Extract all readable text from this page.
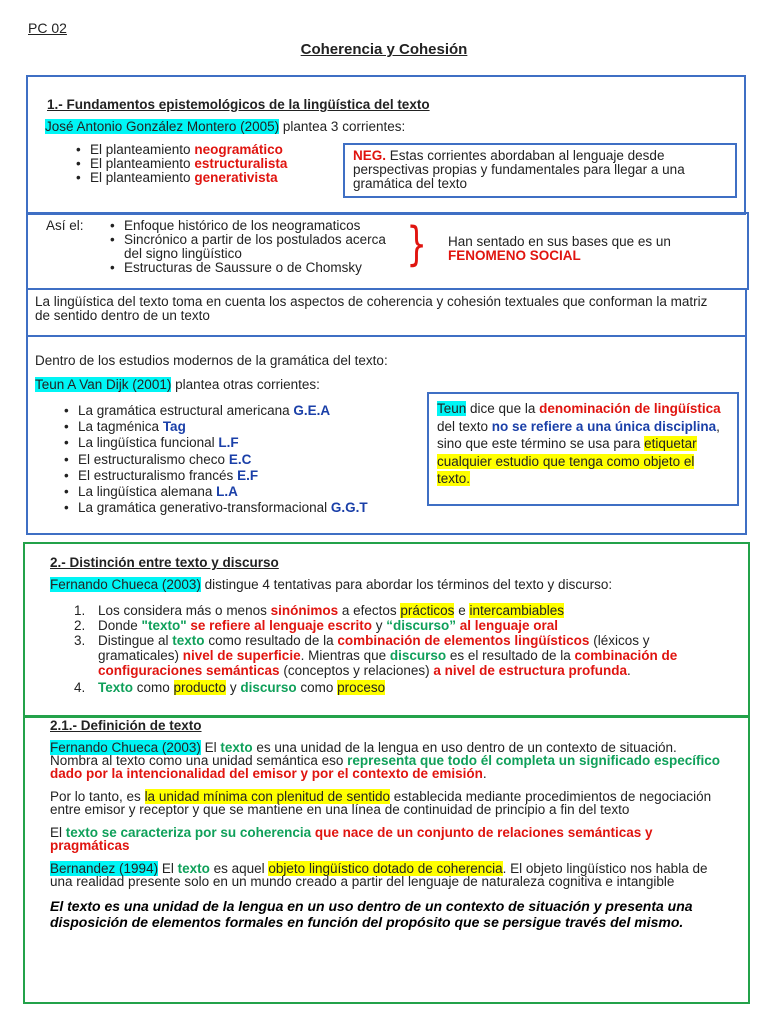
PC 02
Coherencia y Cohesión
1.- Fundamentos epistemológicos de la lingüística del texto
José Antonio González Montero (2005) plantea 3 corrientes:
• El planteamiento neogramático
• El planteamiento estructuralista
• El planteamiento generativista
NEG. Estas corrientes abordaban al lenguaje desde perspectivas propias y fundamentales para llegar a una gramática del texto
Así el:
•	Enfoque histórico de los neogramaticos
• Sincrónico a partir de los postulados acerca del signo lingüístico
• Estructuras de Saussure o de Chomsky } Han sentado en sus bases que es un
FENOMENO SOCIAL
La lingüística del texto toma en cuenta los aspectos de coherencia y cohesión textuales que conforman la matriz de sentido dentro de un texto
Dentro de los estudios modernos de la gramática del texto:
Teun A Van Dijk (2001) plantea otras corrientes:
• La gramática estructural americana G.E.A
• La tagménica Tag
• La lingüística funcional L.F
• El estructuralismo checo E.C
• El estructuralismo francés E.F
• La lingüística alemana L.A
• La gramática generativo-transformacional G.G.T
Teun dice que la denominación de lingüística del texto no se refiere a una única disciplina, sino que este término se usa para etiquetar cualquier estudio que tenga como objeto el texto.
2.- Distinción entre texto y discurso
Fernando Chueca (2003) distingue 4 tentativas para abordar los términos del texto y discurso:
1. Los considera más o menos sinónimos a efectos prácticos e intercambiables
2. Donde "texto" se refiere al lenguaje escrito y “discurso” al lenguaje oral
3. Distingue al texto como resultado de la combinación de elementos lingüísticos (léxicos y gramaticales) nivel de superficie. Mientras que discurso es el resultado de la combinación de configuraciones semánticas (conceptos y relaciones) a nivel de estructura profunda.
4. Texto como producto y discurso como proceso
2.1.- Definición de texto

Fernando Chueca (2003) El texto es una unidad de la lengua en uso dentro de un contexto de situación. Nombra al texto como una unidad semántica eso representa que todo él completa un significado específico dado por la intencionalidad del emisor y por el contexto de emisión.

Por lo tanto, es la unidad mínima con plenitud de sentido establecida mediante procedimientos de negociación entre emisor y receptor y que se mantiene en una línea de continuidad de principio a fin del texto

El texto se caracteriza por su coherencia que nace de un conjunto de relaciones semánticas y pragmáticas

Bernandez (1994) El texto es aquel objeto lingüístico dotado de coherencia. El objeto lingüístico nos habla de una realidad presente solo en un mundo creado a partir del lenguaje de naturaleza cognitiva e intangible

El texto es una unidad de la lengua en un uso dentro de un contexto de situación y presenta una disposición de elementos formales en función del propósito que se persigue través del mismo.
